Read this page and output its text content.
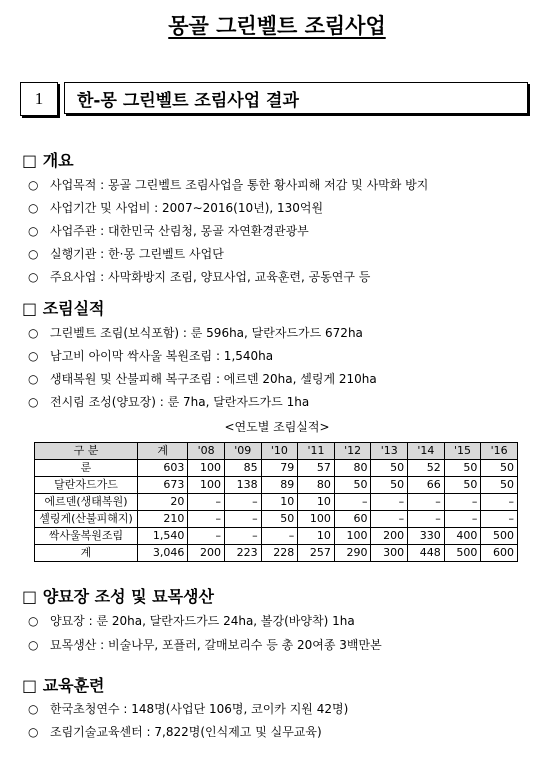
몽골 그린벨트 조림사업
1	한-몽 그린벨트 조림사업 결과
□ 개요
○ 사업목적 : 몽골 그린벨트 조림사업을 통한 황사피해 저감 및 사막화 방지
○ 사업기간 및 사업비 : 2007∼2016(10년), 130억원
○ 사업주관 : 대한민국 산림청, 몽골 자연환경관광부
○ 실행기관 : 한·몽 그린벨트 사업단
○ 주요사업 : 사막화방지 조림, 양묘사업, 교육훈련, 공동연구 등
□ 조림실적
○ 그린벨트 조림(보식포함) : 룬 596ha, 달란자드가드 672ha
○ 남고비 아이막 싹사울 복원조림 : 1,540ha
○ 생태복원 및 산불피해 복구조림 : 에르덴 20ha, 셀링게 210ha
○ 전시림 조성(양묘장) : 룬 7ha, 달란자드가드 1ha
<연도별 조림실적>
구 분	계	'08	'09	'10	'11	'12	'13	'14	'15	'16
룬	603	100	85	79	57	80	50	52	50	50
달란자드가드	673	100	138	89	80	50	50	66	50	50
에르덴(생태복원)	20	–	–	10	10	–	–	–	–	–
셀링게(산불피해지)	210	–	–	50	100	60	–	–	–	–
싹사울복원조림	1,540	–	–	–	10	100	200	330	400	500
계	3,046	200	223	228	257	290	300	448	500	600
□ 양묘장 조성 및 묘목생산
○ 양묘장 : 룬 20ha, 달란자드가드 24ha, 볼강(바양착) 1ha
○ 묘목생산 : 비술나무, 포플러, 갈매보리수 등 총 20여종 3백만본
□ 교육훈련
○ 한국초청연수 : 148명(사업단 106명, 코이카 지원 42명)
○ 조림기술교육센터 : 7,822명(인식제고 및 실무교육)
